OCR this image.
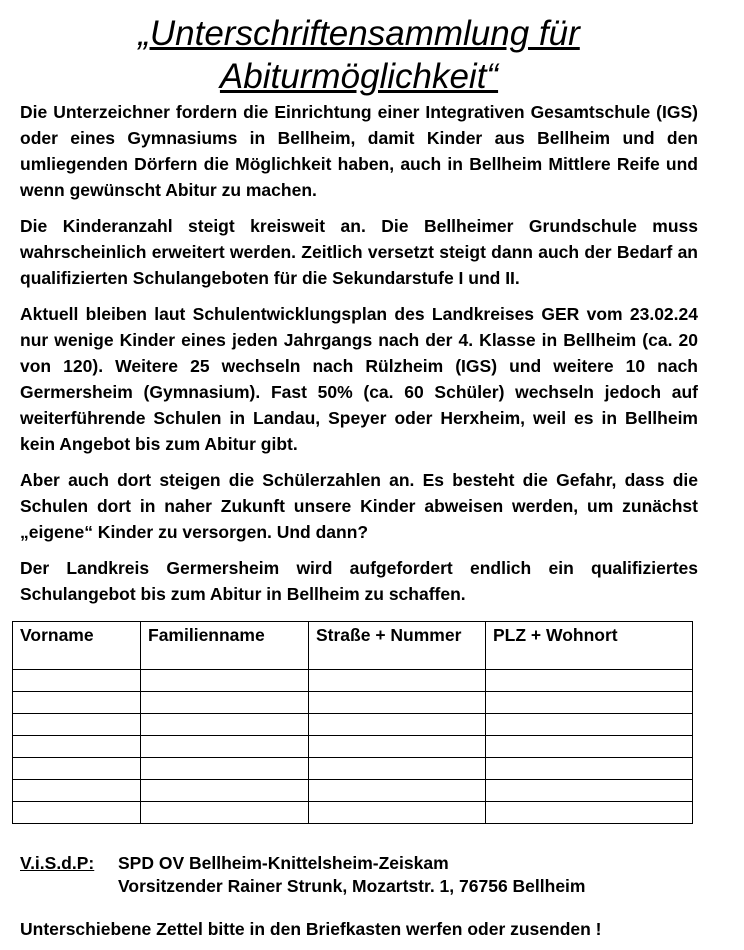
„Unterschriftensammlung für
Abiturmöglichkeit“

Die Unterzeichner fordern die Einrichtung einer Integrativen Gesamtschule (IGS) oder eines Gymnasiums in Bellheim, damit Kinder aus Bellheim und den umliegenden Dörfern die Möglichkeit haben, auch in Bellheim Mittlere Reife und wenn gewünscht Abitur zu machen.

Die Kinderanzahl steigt kreisweit an. Die Bellheimer Grundschule muss wahrscheinlich erweitert werden. Zeitlich versetzt steigt dann auch der Bedarf an qualifizierten Schulangeboten für die Sekundarstufe I und II.

Aktuell bleiben laut Schulentwicklungsplan des Landkreises GER vom 23.02.24 nur wenige Kinder eines jeden Jahrgangs nach der 4. Klasse in Bellheim (ca. 20 von 120). Weitere 25 wechseln nach Rülzheim (IGS) und weitere 10 nach Germersheim (Gymnasium). Fast 50% (ca. 60 Schüler) wechseln jedoch auf weiterführende Schulen in Landau, Speyer oder Herxheim, weil es in Bellheim kein Angebot bis zum Abitur gibt.

Aber auch dort steigen die Schülerzahlen an. Es besteht die Gefahr, dass die Schulen dort in naher Zukunft unsere Kinder abweisen werden, um zunächst „eigene“ Kinder zu versorgen. Und dann?

Der Landkreis Germersheim wird aufgefordert endlich ein qualifiziertes Schulangebot bis zum Abitur in Bellheim zu schaffen.

Vorname	Familienname	Straße + Nummer	PLZ + Wohnort

V.i.S.d.P: SPD OV Bellheim-Knittelsheim-Zeiskam
Vorsitzender Rainer Strunk, Mozartstr. 1, 76756 Bellheim
Unterschiebene Zettel bitte in den Briefkasten werfen oder zusenden !
